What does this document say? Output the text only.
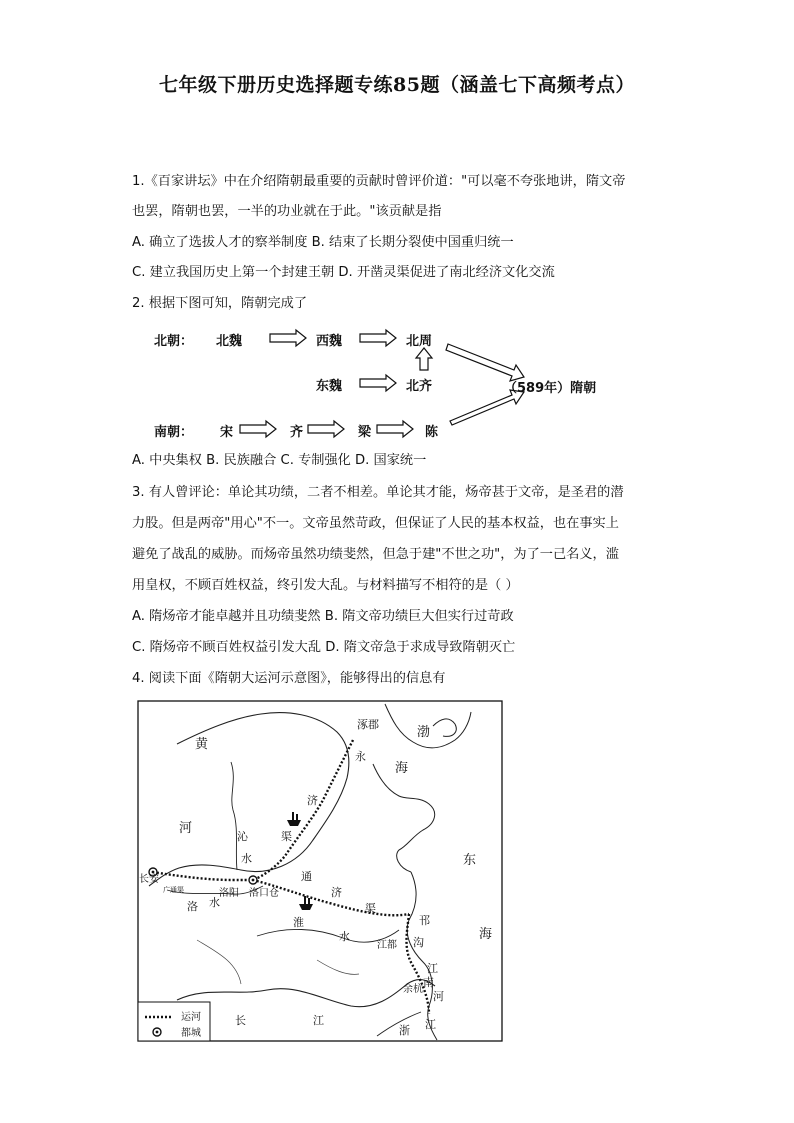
七年级下册历史选择题专练85题（涵盖七下高频考点）
1.《百家讲坛》中在介绍隋朝最重要的贡献时曾评价道："可以毫不夸张地讲，隋文帝
也罢，隋朝也罢，一半的功业就在于此。"该贡献是指
A. 确立了选拔人才的察举制度 B. 结束了长期分裂使中国重归统一
C. 建立我国历史上第一个封建王朝 D. 开凿灵渠促进了南北经济文化交流
2. 根据下图可知，隋朝完成了
北朝： 北魏	西魏	北周
东魏	北齐	（589年）隋朝
南朝： 宋	齐	梁	陈
A. 中央集权 B. 民族融合 C. 专制强化 D. 国家统一
3. 有人曾评论：单论其功绩，二者不相差。单论其才能，炀帝甚于文帝，是圣君的潜
力股。但是两帝"用心"不一。文帝虽然苛政，但保证了人民的基本权益，也在事实上
避免了战乱的威胁。而炀帝虽然功绩斐然，但急于建"不世之功"，为了一己名义，滥
用皇权，不顾百姓权益，终引发大乱。与材料描写不相符的是（ ）
A. 隋炀帝才能卓越并且功绩斐然 B. 隋文帝功绩巨大但实行过苛政
C. 隋炀帝不顾百姓权益引发大乱 D. 隋文帝急于求成导致隋朝灭亡
4. 阅读下面《隋朝大运河示意图》，能够得出的信息有
涿郡
渤
海
黄
河
永
济
渠
沁
水
长安
广通渠	洛阳 洛口仓
洛 水
通
济
渠
东
海
淮
水
邗
沟
江都
江
南
河
余杭
长	江
浙 江
运河
都城
